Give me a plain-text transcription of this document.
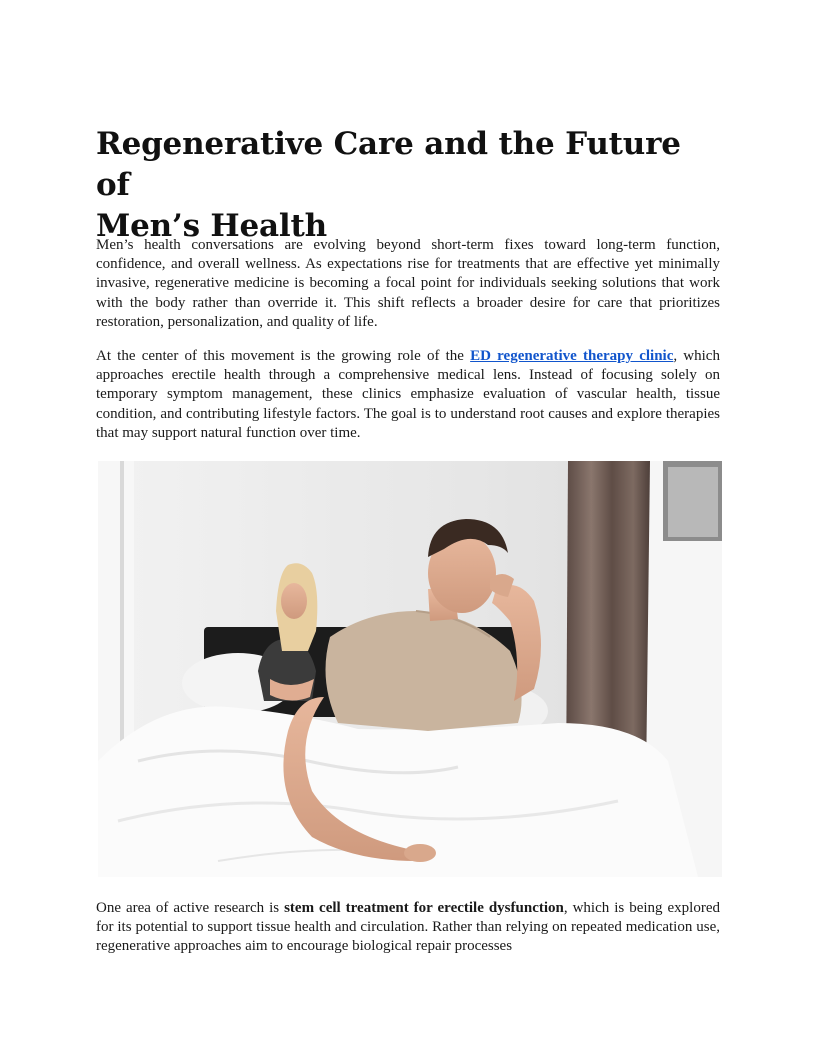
Regenerative Care and the Future of
Men’s Health

Men’s health conversations are evolving beyond short-term fixes toward long-term function, confidence, and overall wellness. As expectations rise for treatments that are effective yet minimally invasive, regenerative medicine is becoming a focal point for individuals seeking solutions that work with the body rather than override it. This shift reflects a broader desire for care that prioritizes restoration, personalization, and quality of life.

At the center of this movement is the growing role of the ED regenerative therapy clinic, which approaches erectile health through a comprehensive medical lens. Instead of focusing solely on temporary symptom management, these clinics emphasize evaluation of vascular health, tissue condition, and contributing lifestyle factors. The goal is to understand root causes and explore therapies that may support natural function over time.

One area of active research is stem cell treatment for erectile dysfunction, which is being explored for its potential to support tissue health and circulation. Rather than relying on repeated medication use, regenerative approaches aim to encourage biological repair processes
